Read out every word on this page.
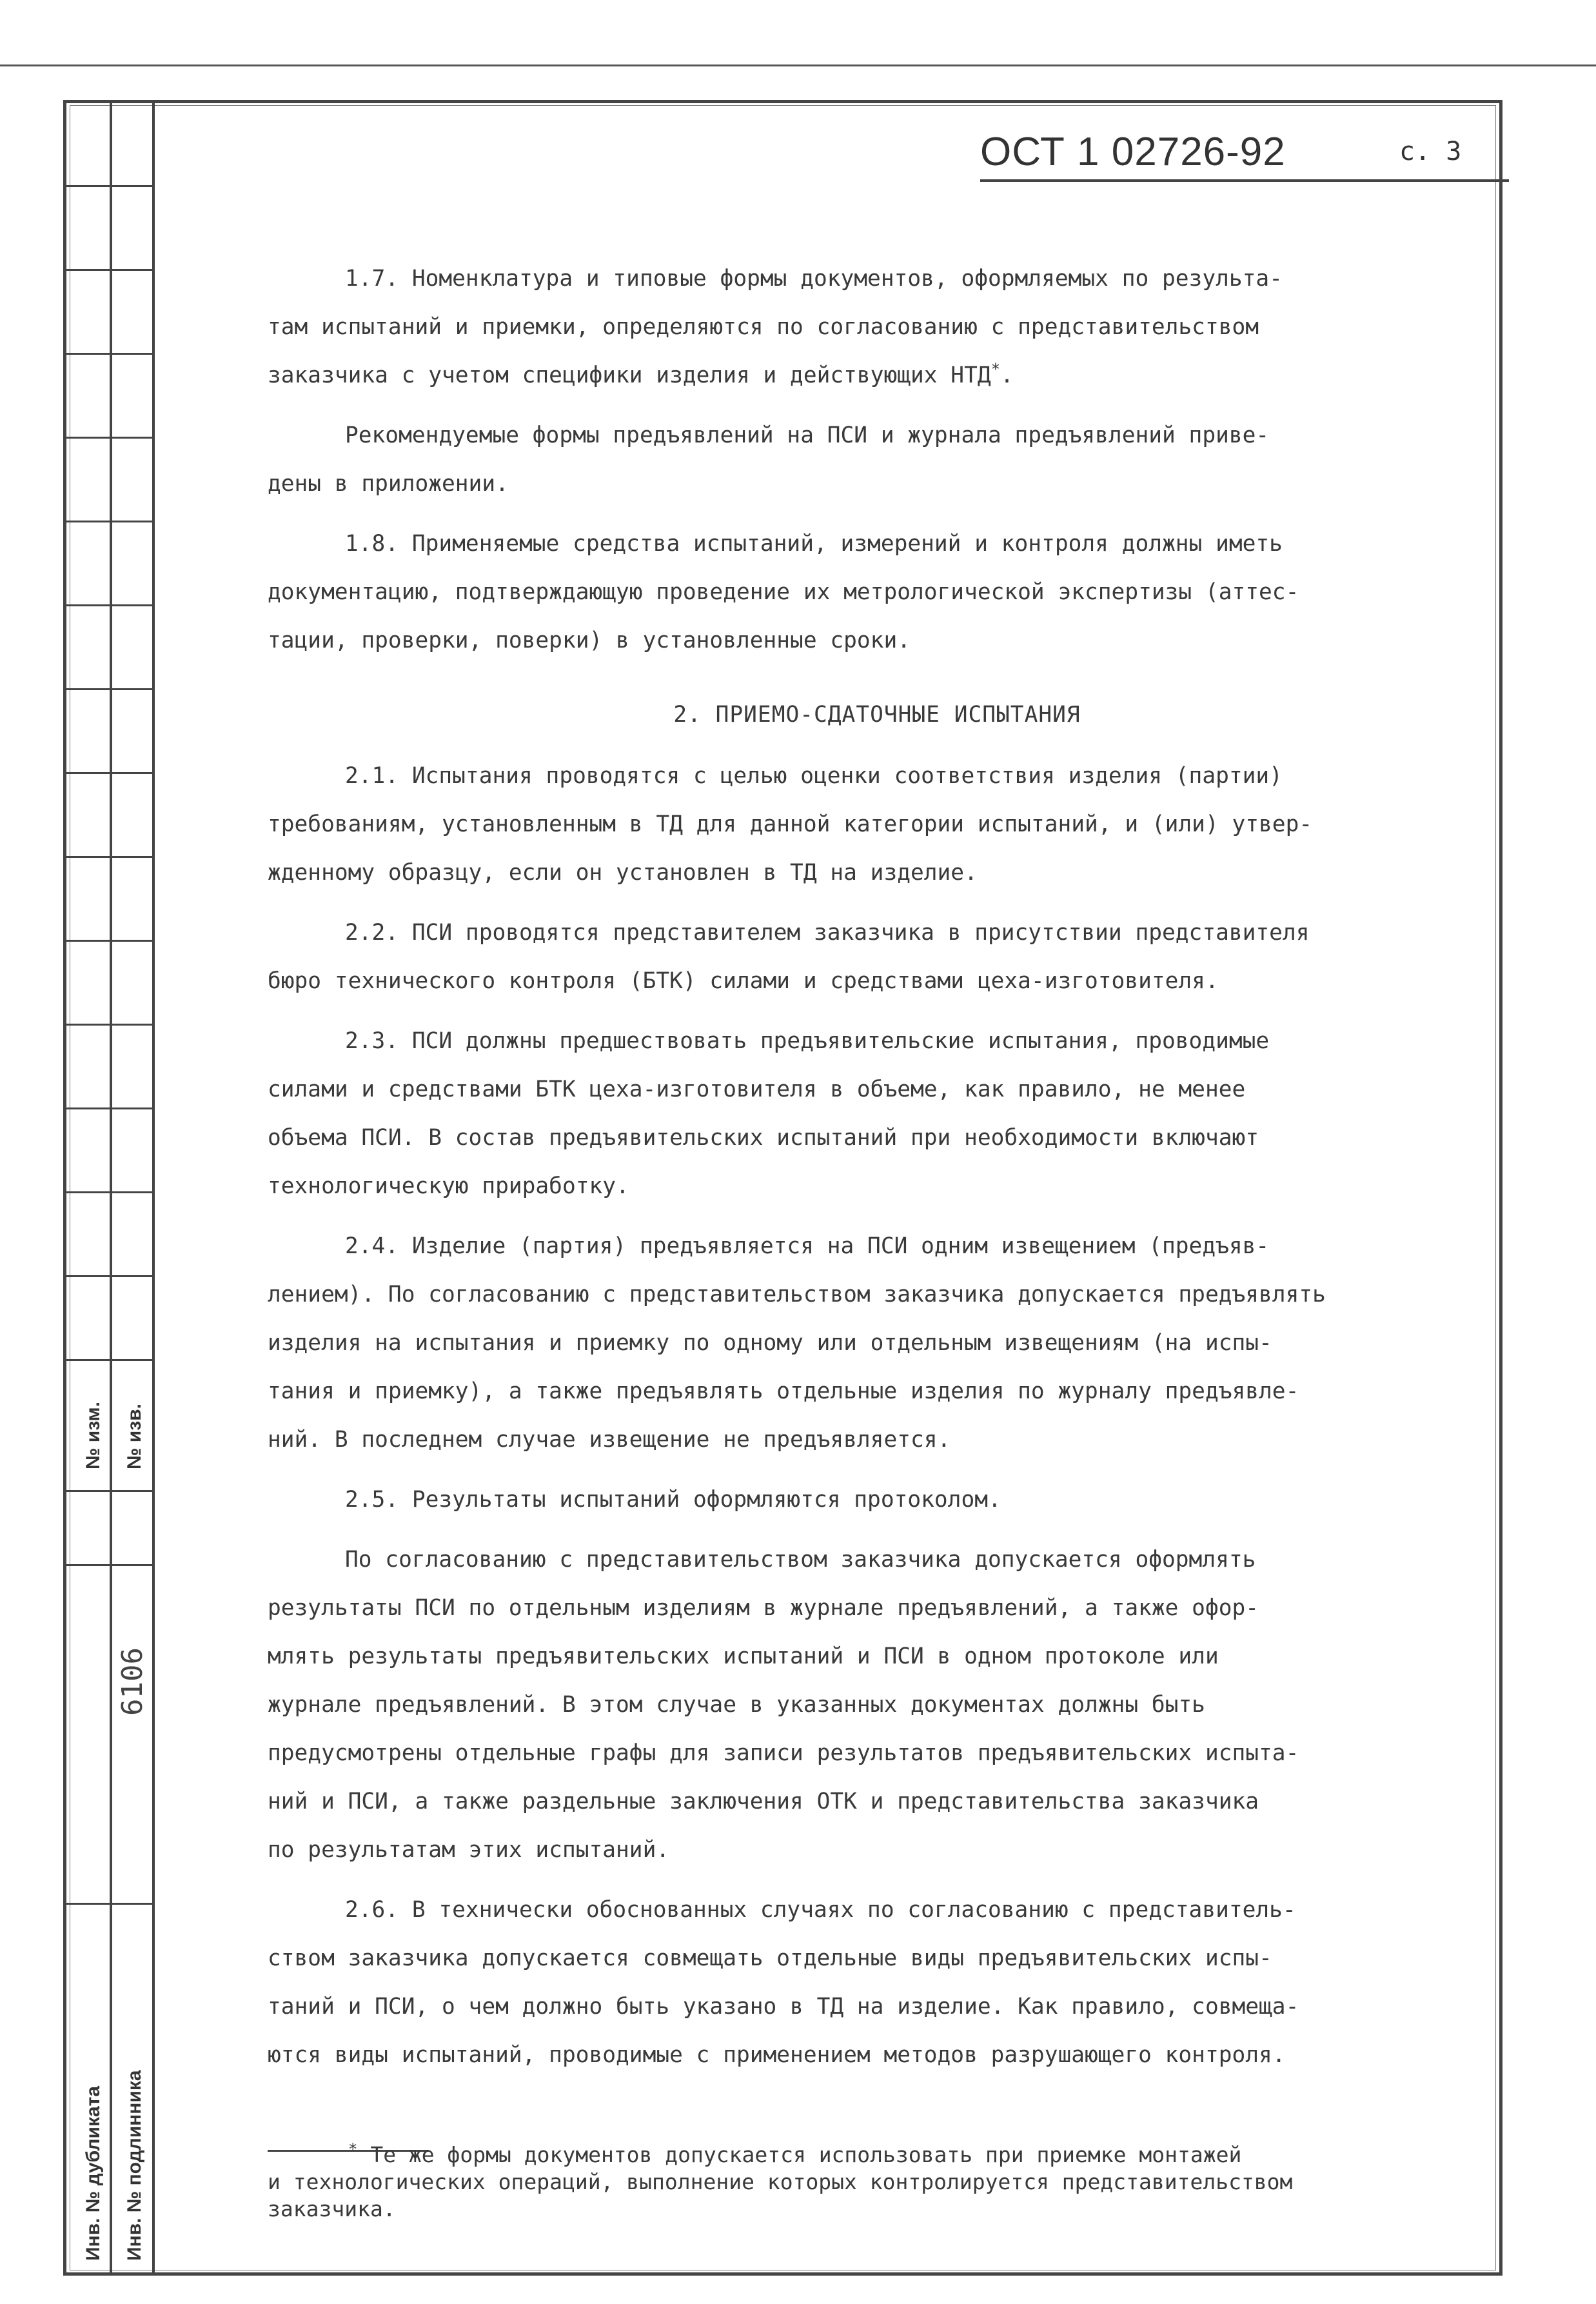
№ изм. № изв.
6106
Инв. № дубликата Инв. № подлинника
ОСТ 1 02726-92	с. 3
1.7. Номенклатура и типовые формы документов, оформляемых по результа-
там испытаний и приемки, определяются по согласованию с представительством
заказчика с учетом специфики изделия и действующих НТД*.
Рекомендуемые формы предъявлений на ПСИ и журнала предъявлений приве-
дены в приложении.
1.8. Применяемые средства испытаний, измерений и контроля должны иметь
документацию, подтверждающую проведение их метрологической экспертизы (аттес-
тации, проверки, поверки) в установленные сроки.
2. ПРИЕМО-СДАТОЧНЫЕ ИСПЫТАНИЯ
2.1. Испытания проводятся с целью оценки соответствия изделия (партии)
требованиям, установленным в ТД для данной категории испытаний, и (или) утвер-
жденному образцу, если он установлен в ТД на изделие.
2.2. ПСИ проводятся представителем заказчика в присутствии представителя
бюро технического контроля (БТК) силами и средствами цеха-изготовителя.
2.3. ПСИ должны предшествовать предъявительские испытания, проводимые
силами и средствами БТК цеха-изготовителя в объеме, как правило, не менее
объема ПСИ. В состав предъявительских испытаний при необходимости включают
технологическую приработку.
2.4. Изделие (партия) предъявляется на ПСИ одним извещением (предъяв-
лением). По согласованию с представительством заказчика допускается предъявлять
изделия на испытания и приемку по одному или отдельным извещениям (на испы-
тания и приемку), а также предъявлять отдельные изделия по журналу предъявле-
ний. В последнем случае извещение не предъявляется.
2.5. Результаты испытаний оформляются протоколом.
По согласованию с представительством заказчика допускается оформлять
результаты ПСИ по отдельным изделиям в журнале предъявлений, а также офор-
млять результаты предъявительских испытаний и ПСИ в одном протоколе или
журнале предъявлений. В этом случае в указанных документах должны быть
предусмотрены отдельные графы для записи результатов предъявительских испыта-
ний и ПСИ, а также раздельные заключения ОТК и представительства заказчика
по результатам этих испытаний.
2.6. В технически обоснованных случаях по согласованию с представитель-
ством заказчика допускается совмещать отдельные виды предъявительских испы-
таний и ПСИ, о чем должно быть указано в ТД на изделие. Как правило, совмеща-
ются виды испытаний, проводимые с применением методов разрушающего контроля.
* Те же формы документов допускается использовать при приемке монтажей
и технологических операций, выполнение которых контролируется представительством
заказчика.
